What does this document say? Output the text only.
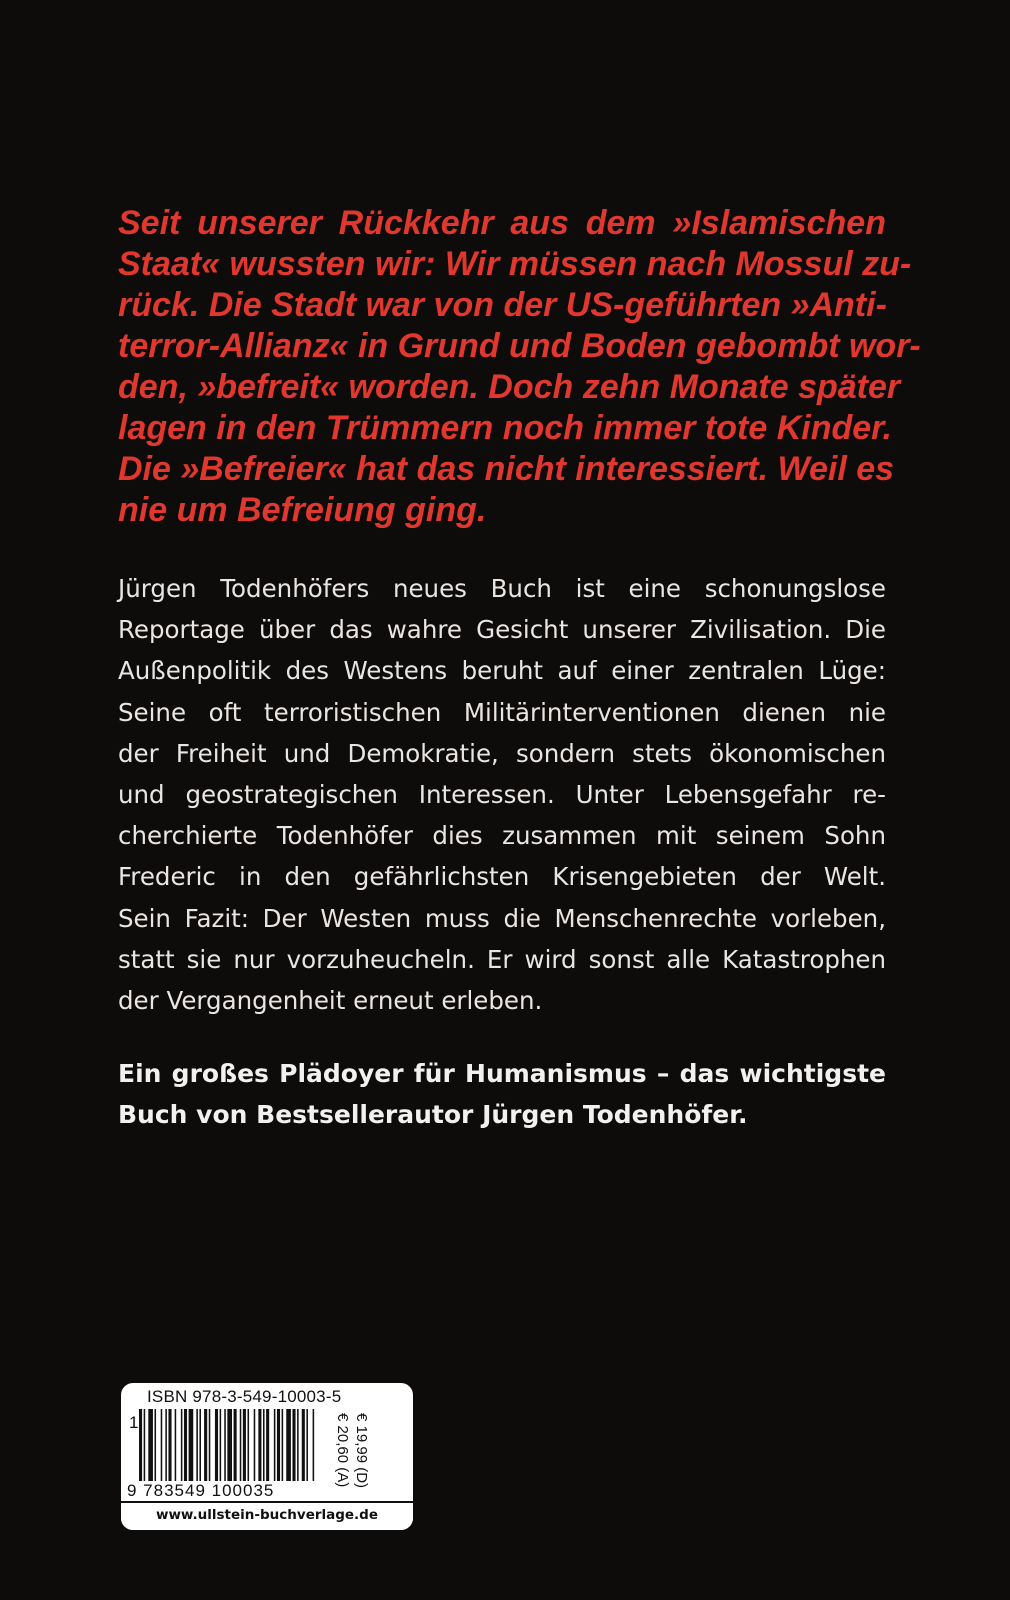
Seit unserer Rückkehr aus dem »Islamischen
Staat« wussten wir: Wir müssen nach Mossul zu-
rück. Die Stadt war von der US-geführten »Anti-
terror-Allianz« in Grund und Boden gebombt wor-
den, »befreit« worden. Doch zehn Monate später
lagen in den Trümmern noch immer tote Kinder.
Die »Befreier« hat das nicht interessiert. Weil es
nie um Befreiung ging.
Jürgen Todenhöfers neues Buch ist eine schonungslose
Reportage über das wahre Gesicht unserer Zivilisation. Die
Außenpolitik des Westens beruht auf einer zentralen Lüge:
Seine oft terroristischen Militärinterventionen dienen nie
der Freiheit und Demokratie, sondern stets ökonomischen
und geostrategischen Interessen. Unter Lebensgefahr re-
cherchierte Todenhöfer dies zusammen mit seinem Sohn
Frederic in den gefährlichsten Krisengebieten der Welt.
Sein Fazit: Der Westen muss die Menschenrechte vorleben,
statt sie nur vorzuheucheln. Er wird sonst alle Katastrophen
der Vergangenheit erneut erleben.
Ein großes Plädoyer für Humanismus – das wichtigste
Buch von Bestsellerautor Jürgen Todenhöfer.
ISBN 978-3-549-10003-5
1
9 783549 100035
€ 19,99 (D)
€ 20,60 (A)
www.ullstein-buchverlage.de
